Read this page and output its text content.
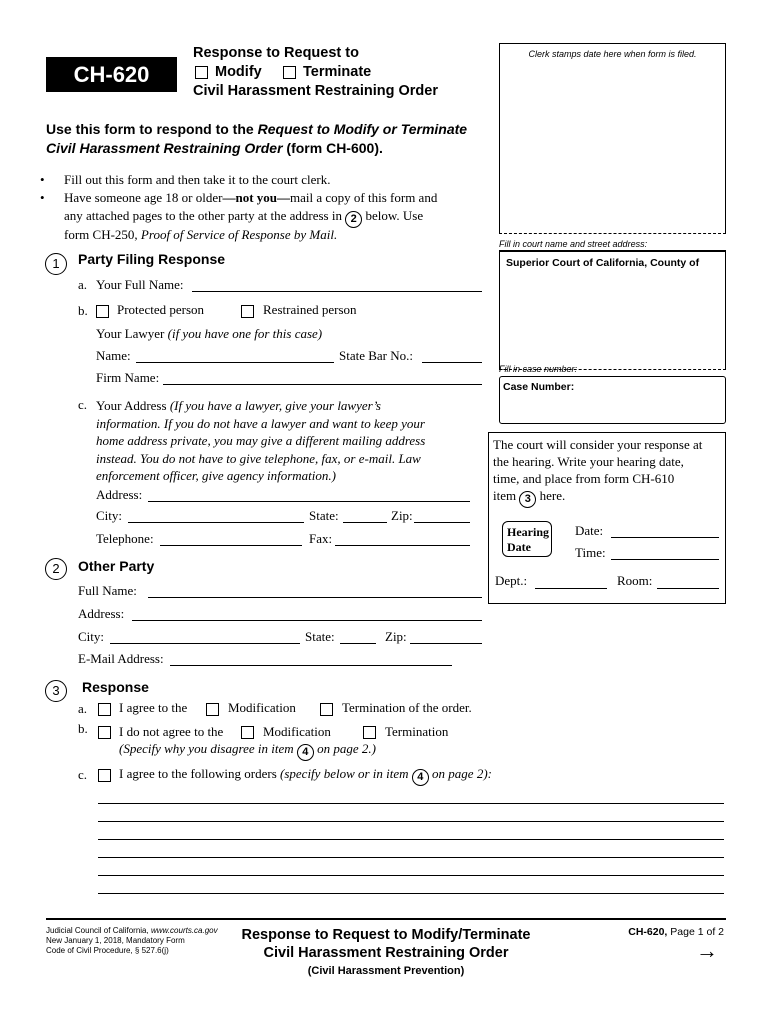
CH-620
Response to Request to
Modify	Terminate
Civil Harassment Restraining Order
Clerk stamps date here when form is filed.
Use this form to respond to the Request to Modify or Terminate Civil Harassment Restraining Order (form CH-600).
• Fill out this form and then take it to the court clerk.
• Have someone age 18 or older—not you—mail a copy of this form and
any attached pages to the other party at the address in 2 below. Use
form CH-250, Proof of Service of Response by Mail.
Fill in court name and street address:
Superior Court of California, County of
Fill in case number:
Case Number:
The court will consider your response at
the hearing. Write your hearing date,
time, and place from form CH-610
item 3 here.
Hearing
Date
Date:
Time:
Dept.:	Room:
1	Party Filing Response
a. Your Full Name:
b. Protected person	Restrained person
Your Lawyer (if you have one for this case)
Name:	State Bar No.:
Firm Name:
c. Your Address (If you have a lawyer, give your lawyer’s
information. If you do not have a lawyer and want to keep your
home address private, you may give a different mailing address
instead. You do not have to give telephone, fax, or e-mail. Law
enforcement officer, give agency information.)
Address:
City:	State:	Zip:
Telephone:	Fax:
2	Other Party
Full Name:
Address:
City:	State:	Zip:
E-Mail Address:
3	Response
a. I agree to the	Modification	Termination of the order.
b. I do not agree to the	Modification	Termination
(Specify why you disagree in item 4 on page 2.)
c. I agree to the following orders (specify below or in item 4 on page 2):
Judicial Council of California, www.courts.ca.gov
New January 1, 2018, Mandatory Form
Code of Civil Procedure, § 527.6(j)
Response to Request to Modify/Terminate
Civil Harassment Restraining Order
(Civil Harassment Prevention)
CH-620, Page 1 of 2
→
